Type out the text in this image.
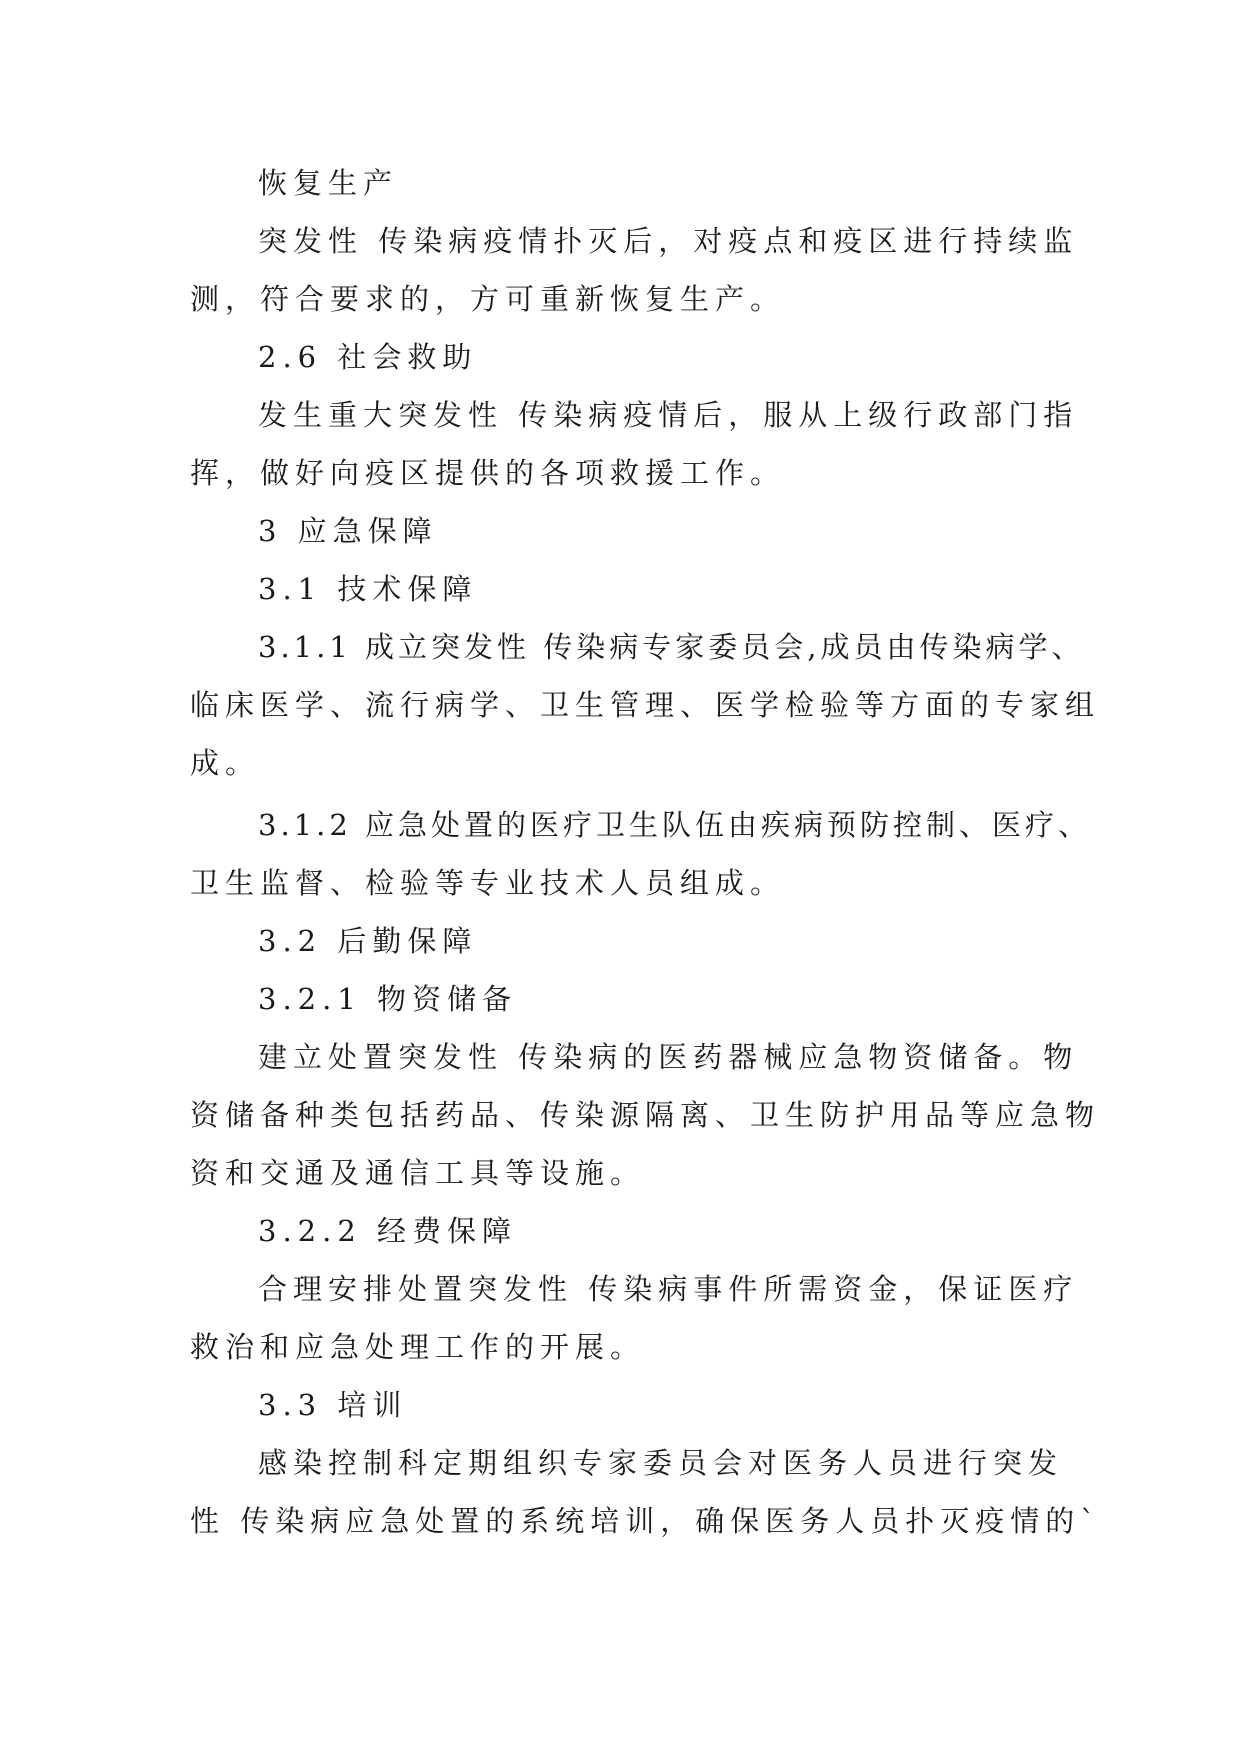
恢复生产
突发性 传染病疫情扑灭后，对疫点和疫区进行持续监
测，符合要求的，方可重新恢复生产。
2.6 社会救助
发生重大突发性 传染病疫情后，服从上级行政部门指
挥，做好向疫区提供的各项救援工作。
3 应急保障
3.1 技术保障
3.1.1 成立突发性 传染病专家委员会,成员由传染病学、
临床医学、流行病学、卫生管理、医学检验等方面的专家组
成。
3.1.2 应急处置的医疗卫生队伍由疾病预防控制、医疗、
卫生监督、检验等专业技术人员组成。
3.2 后勤保障
3.2.1 物资储备
建立处置突发性 传染病的医药器械应急物资储备。物
资储备种类包括药品、传染源隔离、卫生防护用品等应急物
资和交通及通信工具等设施。
3.2.2 经费保障
合理安排处置突发性 传染病事件所需资金，保证医疗
救治和应急处理工作的开展。
3.3 培训
感染控制科定期组织专家委员会对医务人员进行突发
性 传染病应急处置的系统培训，确保医务人员扑灭疫情的`
